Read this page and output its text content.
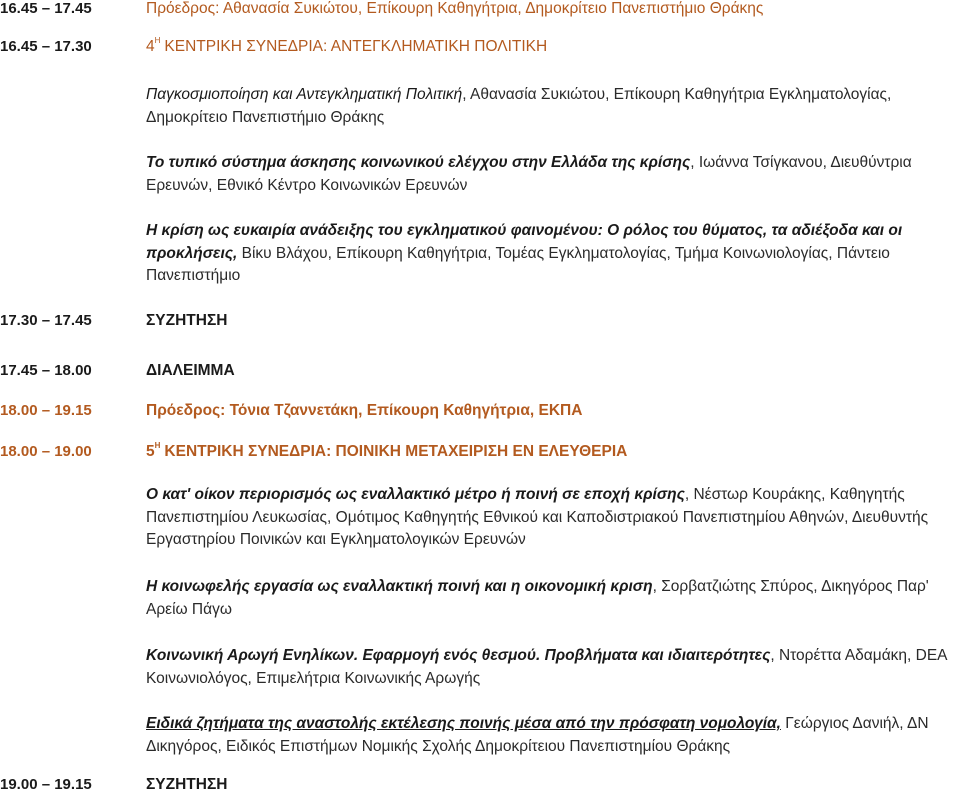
16.45 – 17.45	Πρόεδρος: Αθανασία Συκιώτου, Επίκουρη Καθηγήτρια, Δημοκρίτειο Πανεπιστήμιο Θράκης
16.45 – 17.30	$4^H$ ΚΕΝΤΡΙΚΗ ΣΥΝΕΔΡΙΑ: ΑΝΤΕΓΚΛΗΜΑΤΙΚΗ ΠΟΛΙΤΙΚΗ
Παγκοσμιοποίηση και Αντεγκληματική Πολιτική, Αθανασία Συκιώτου, Επίκουρη Καθηγήτρια Εγκληματολογίας, Δημοκρίτειο Πανεπιστήμιο Θράκης
Το τυπικό σύστημα άσκησης κοινωνικού ελέγχου στην Ελλάδα της κρίσης, Ιωάννα Τσίγκανου, Διευθύντρια Ερευνών, Εθνικό Κέντρο Κοινωνικών Ερευνών
Η κρίση ως ευκαιρία ανάδειξης του εγκληματικού φαινομένου: Ο ρόλος του θύματος, τα αδιέξοδα και οι προκλήσεις, Βίκυ Βλάχου, Επίκουρη Καθηγήτρια, Τομέας Εγκληματολογίας, Τμήμα Κοινωνιολογίας, Πάντειο Πανεπιστήμιο
17.30 – 17.45	ΣΥΖΗΤΗΣΗ
17.45 – 18.00	ΔΙΑΛΕΙΜΜΑ
18.00 – 19.15	Πρόεδρος: Τόνια Τζαννετάκη, Επίκουρη Καθηγήτρια, ΕΚΠΑ
18.00 – 19.00	$5^H$ ΚΕΝΤΡΙΚΗ ΣΥΝΕΔΡΙΑ: ΠΟΙΝΙΚΗ ΜΕΤΑΧΕΙΡΙΣΗ ΕΝ ΕΛΕΥΘΕΡΙΑ
Ο κατ' οίκον περιορισμός ως εναλλακτικό μέτρο ή ποινή σε εποχή κρίσης, Νέστωρ Κουράκης, Καθηγητής Πανεπιστημίου Λευκωσίας, Ομότιμος Καθηγητής Εθνικού και Καποδιστριακού Πανεπιστημίου Αθηνών, Διευθυντής Εργαστηρίου Ποινικών και Εγκληματολογικών Ερευνών
Η κοινωφελής εργασία ως εναλλακτική ποινή και η οικονομική κριση, Σορβατζιώτης Σπύρος, Δικηγόρος Παρ' Αρείω Πάγω
Κοινωνική Αρωγή Ενηλίκων. Εφαρμογή ενός θεσμού. Προβλήματα και ιδιαιτερότητες, Ντορέττα Αδαμάκη, DEA Κοινωνιολόγος, Επιμελήτρια Κοινωνικής Αρωγής
Ειδικά ζητήματα της αναστολής εκτέλεσης ποινής μέσα από την πρόσφατη νομολογία, Γεώργιος Δανιήλ, ΔΝ Δικηγόρος, Ειδικός Επιστήμων Νομικής Σχολής Δημοκρίτειου Πανεπιστημίου Θράκης
19.00 – 19.15	ΣΥΖΗΤΗΣΗ
